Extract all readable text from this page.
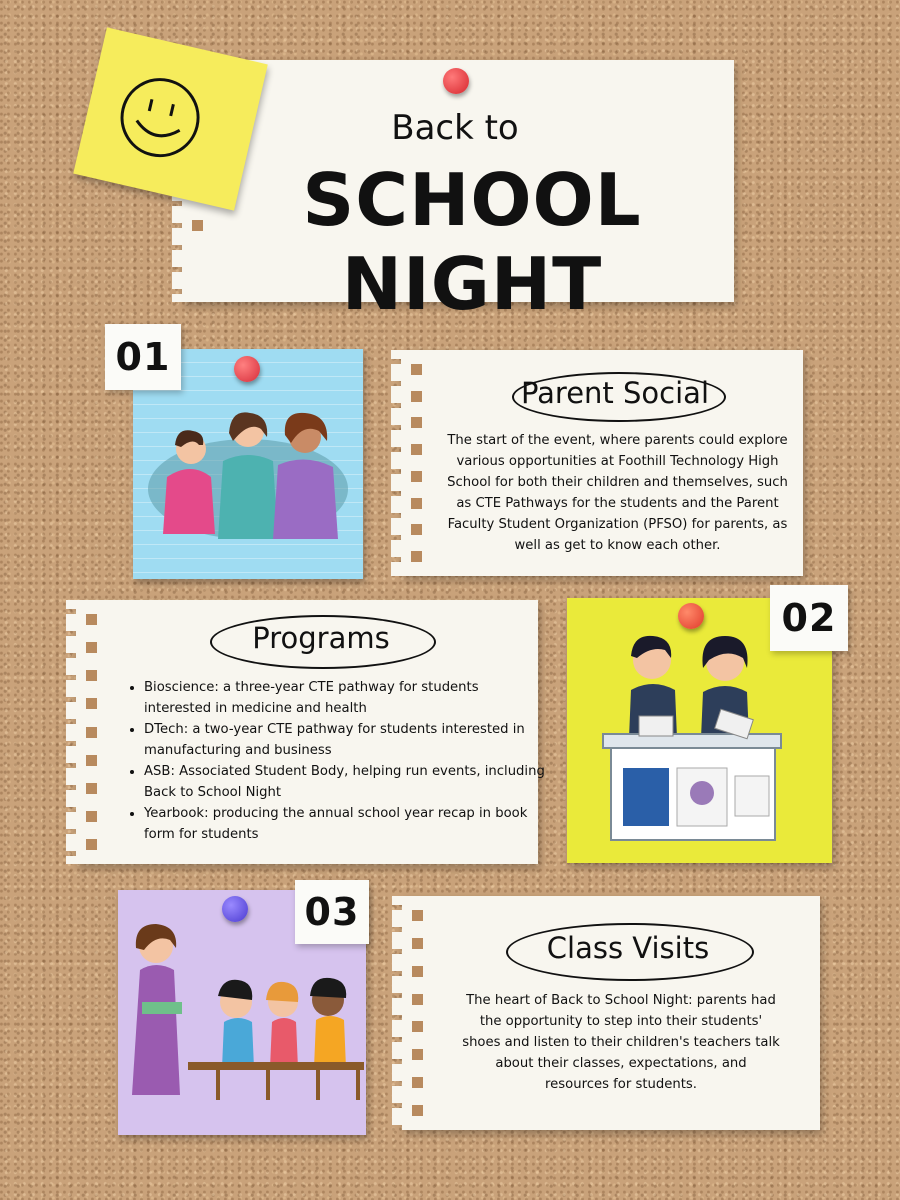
Back to
SCHOOL NIGHT
01
Parent Social
The start of the event, where parents could explore various opportunities at Foothill Technology High School for both their children and themselves, such as CTE Pathways for the students and the Parent Faculty Student Organization (PFSO) for parents, as well as get to know each other.
Programs
• Bioscience: a three-year CTE pathway for students interested in medicine and health
• DTech: a two-year CTE pathway for students interested in manufacturing and business
• ASB: Associated Student Body, helping run events, including Back to School Night
• Yearbook: producing the annual school year recap in book form for students
02
03
Class Visits
The heart of Back to School Night: parents had the opportunity to step into their students' shoes and listen to their children's teachers talk about their classes, expectations, and resources for students.
